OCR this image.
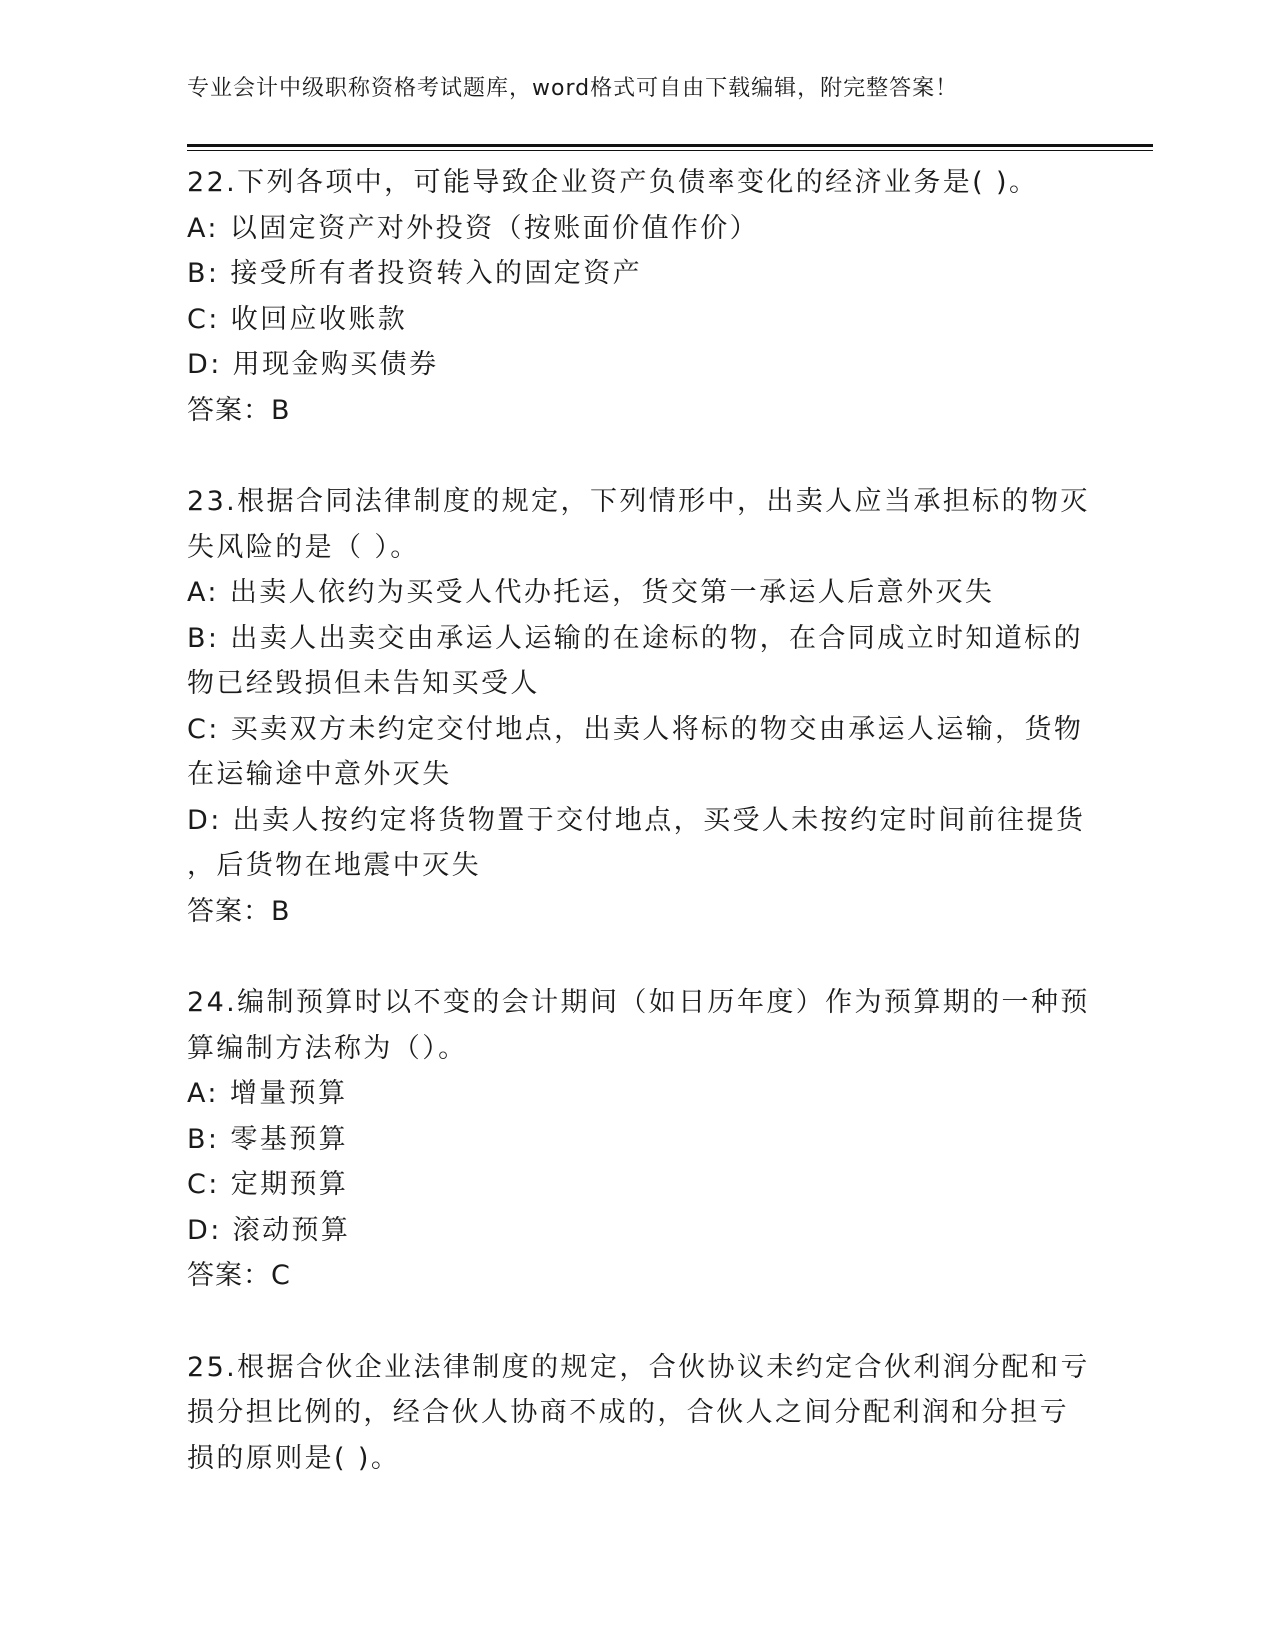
专业会计中级职称资格考试题库，word格式可自由下载编辑，附完整答案！
22.下列各项中，可能导致企业资产负债率变化的经济业务是( )。
A: 以固定资产对外投资（按账面价值作价）
B: 接受所有者投资转入的固定资产
C: 收回应收账款
D: 用现金购买债券
答案：B
23.根据合同法律制度的规定，下列情形中，出卖人应当承担标的物灭
失风险的是（ ）。
A: 出卖人依约为买受人代办托运，货交第一承运人后意外灭失
B: 出卖人出卖交由承运人运输的在途标的物，在合同成立时知道标的
物已经毁损但未告知买受人
C: 买卖双方未约定交付地点，出卖人将标的物交由承运人运输，货物
在运输途中意外灭失
D: 出卖人按约定将货物置于交付地点，买受人未按约定时间前往提货
，后货物在地震中灭失
答案：B
24.编制预算时以不变的会计期间（如日历年度）作为预算期的一种预
算编制方法称为（）。
A: 增量预算
B: 零基预算
C: 定期预算
D: 滚动预算
答案：C
25.根据合伙企业法律制度的规定，合伙协议未约定合伙利润分配和亏
损分担比例的，经合伙人协商不成的，合伙人之间分配利润和分担亏
损的原则是( )。
